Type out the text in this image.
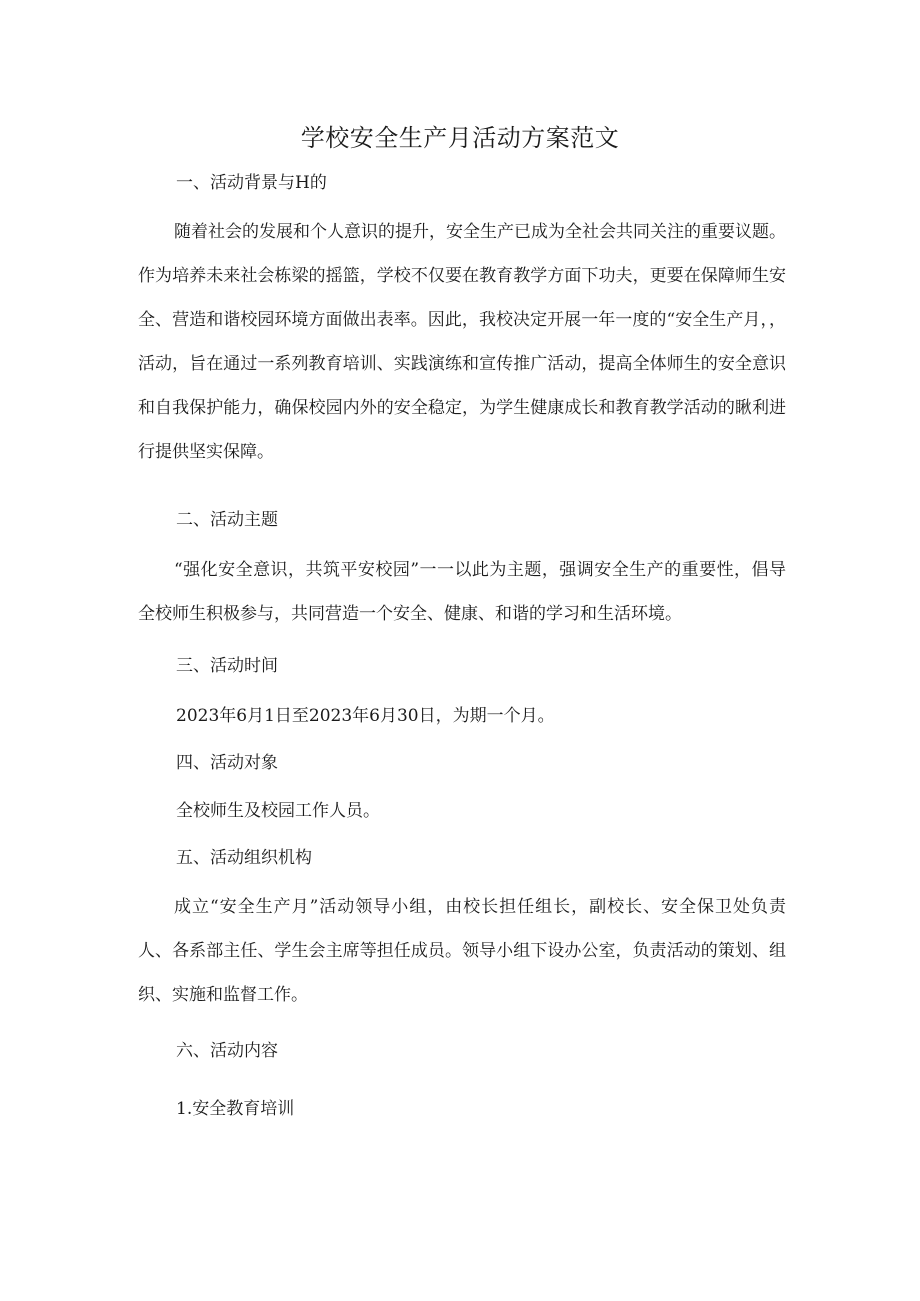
学校安全生产月活动方案范文
一、活动背景与H的

随着社会的发展和个人意识的提升，安全生产已成为全社会共同关注的重要议题。作为培养未来社会栋梁的摇篮，学校不仅要在教育教学方面下功夫，更要在保障师生安全、营造和谐校园环境方面做出表率。因此，我校决定开展一年一度的“安全生产月，，活动，旨在通过一系列教育培训、实践演练和宣传推广活动，提高全体师生的安全意识和自我保护能力，确保校园内外的安全稳定，为学生健康成长和教育教学活动的瞅利进行提供坚实保障。

二、活动主题

“强化安全意识，共筑平安校园”一一以此为主题，强调安全生产的重要性，倡导全校师生积极参与，共同营造一个安全、健康、和谐的学习和生活环境。

三、活动时间

2023年6月1日至2023年6月30日，为期一个月。

四、活动对象

全校师生及校园工作人员。

五、活动组织机构

成立“安全生产月”活动领导小组，由校长担任组长，副校长、安全保卫处负责人、各系部主任、学生会主席等担任成员。领导小组下设办公室，负责活动的策划、组织、实施和监督工作。

六、活动内容

1.安全教育培训
